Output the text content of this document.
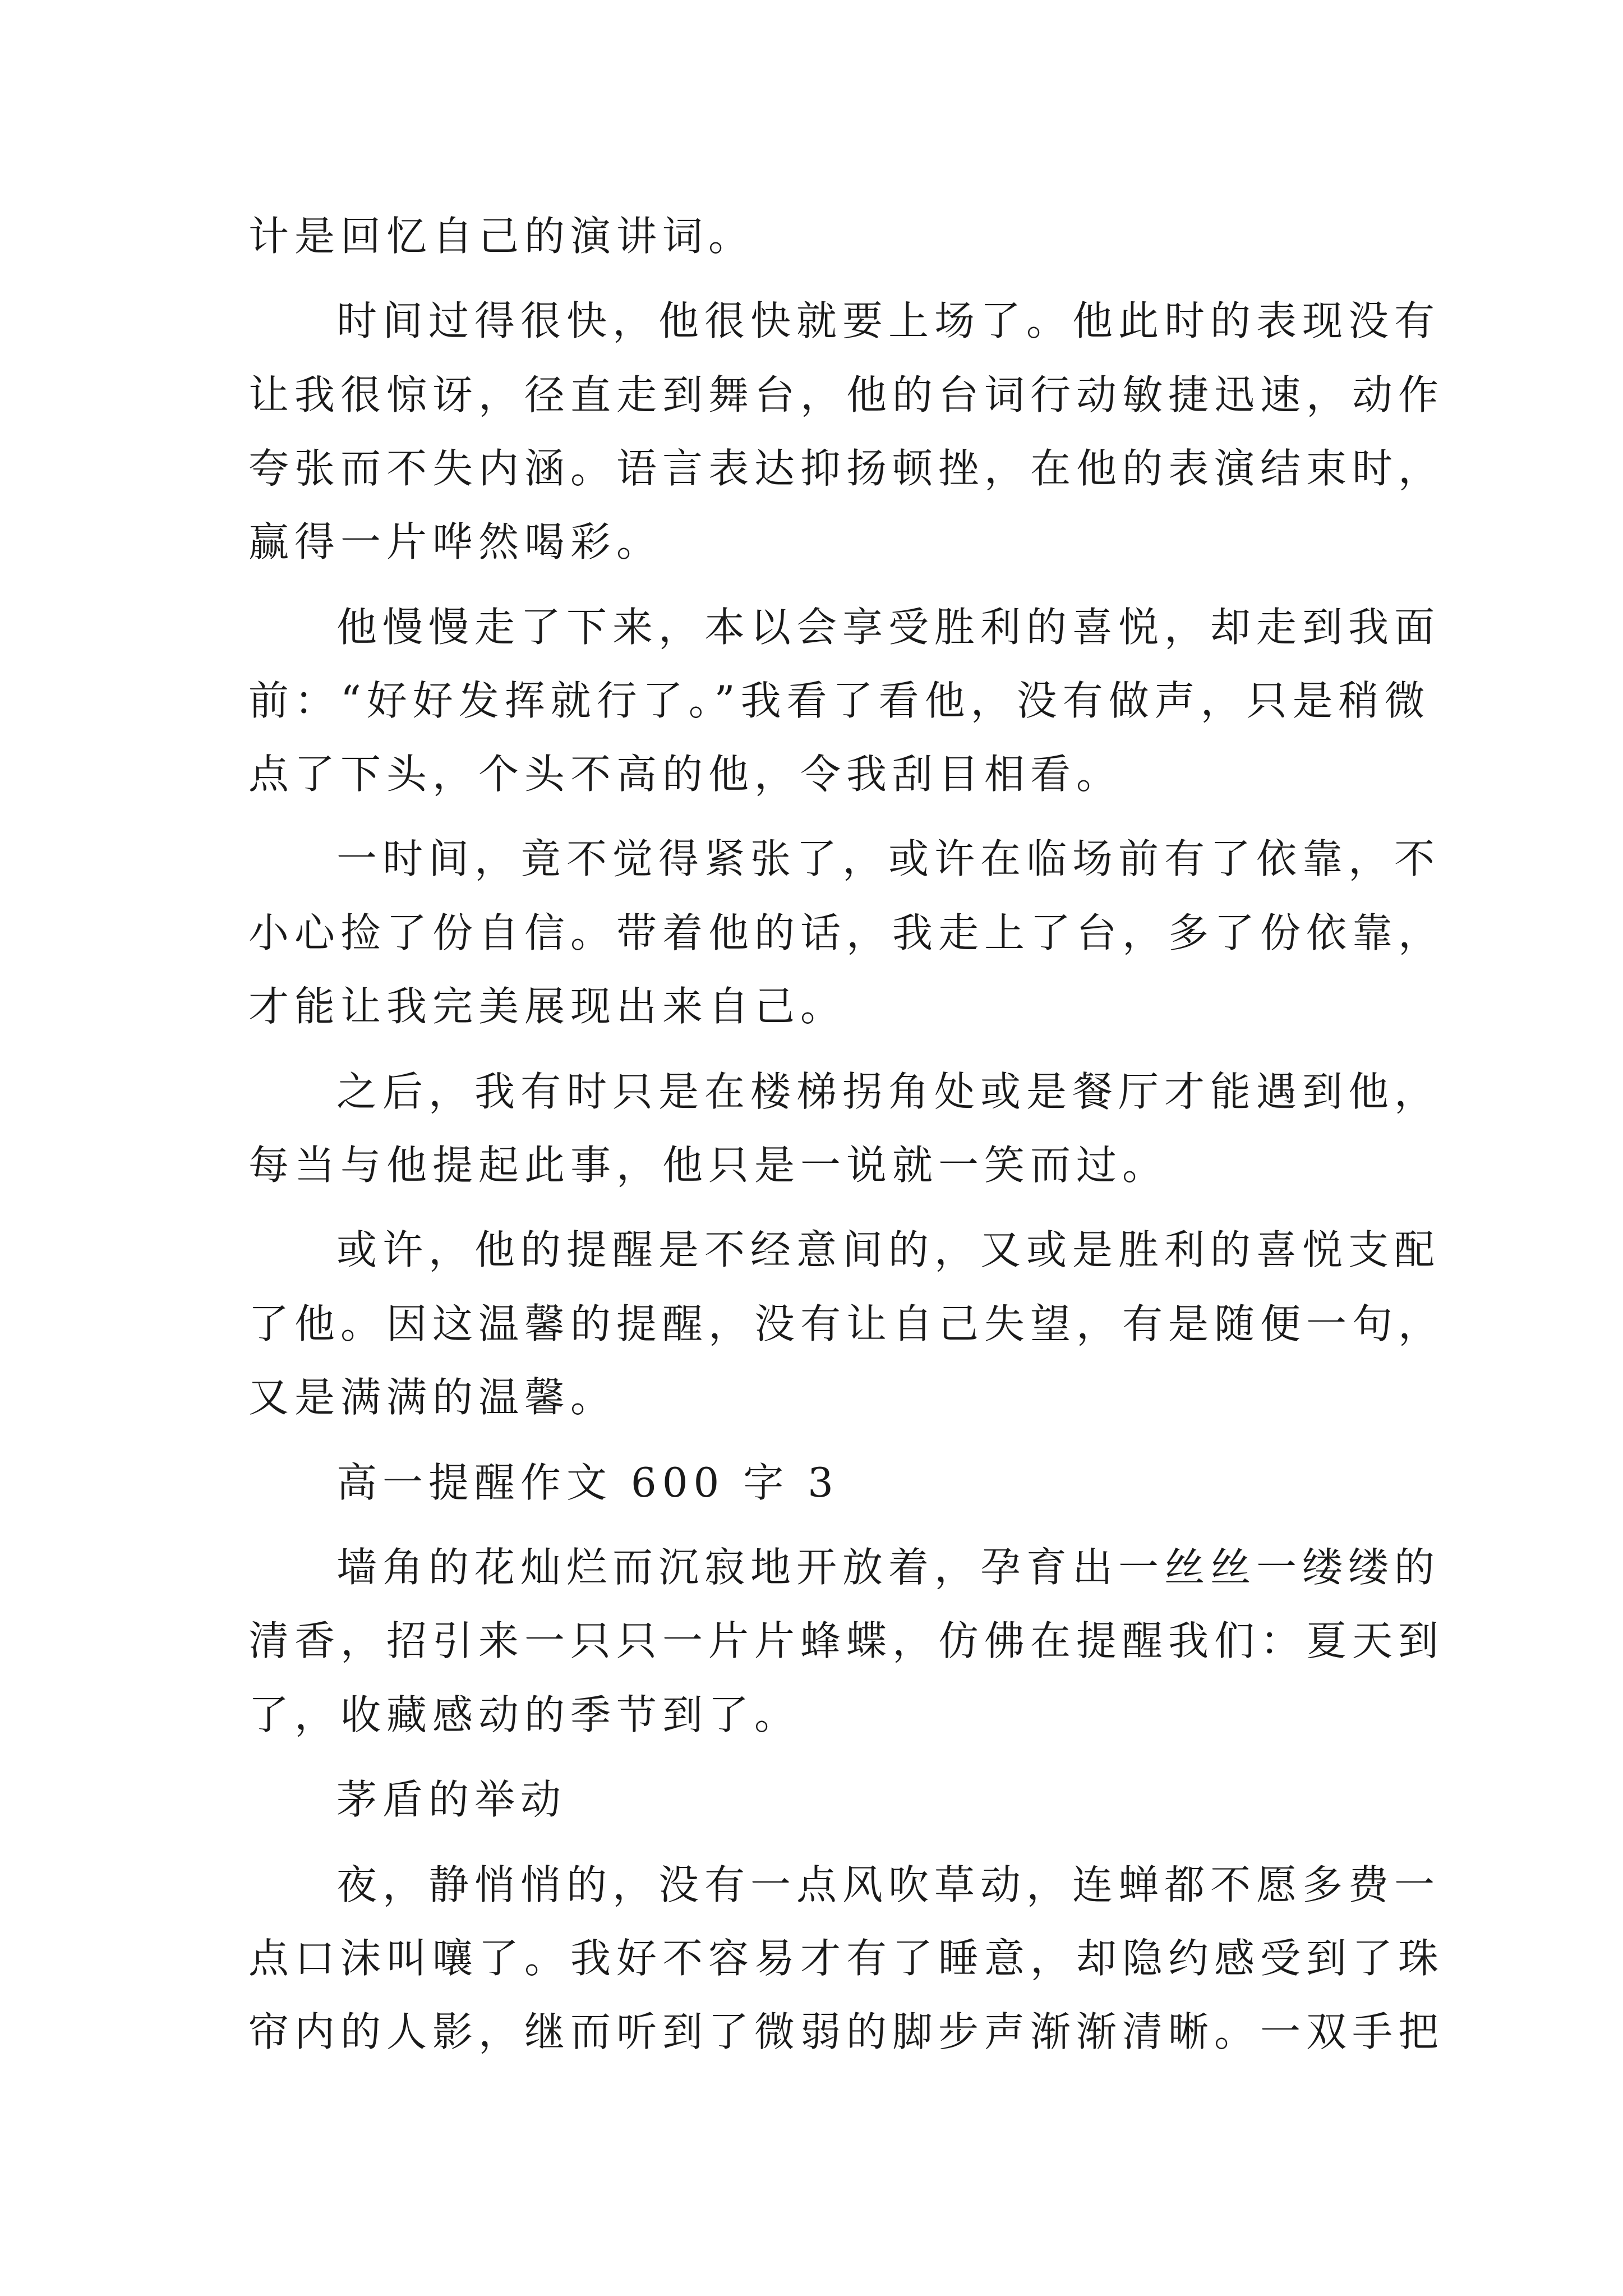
计是回忆自己的演讲词。
时间过得很快，他很快就要上场了。他此时的表现没有
让我很惊讶，径直走到舞台，他的台词行动敏捷迅速，动作
夸张而不失内涵。语言表达抑扬顿挫，在他的表演结束时，
赢得一片哗然喝彩。
他慢慢走了下来，本以会享受胜利的喜悦，却走到我面
前：“好好发挥就行了。”我看了看他，没有做声，只是稍微
点了下头，个头不高的他，令我刮目相看。
一时间，竟不觉得紧张了，或许在临场前有了依靠，不
小心捡了份自信。带着他的话，我走上了台，多了份依靠，
才能让我完美展现出来自己。
之后，我有时只是在楼梯拐角处或是餐厅才能遇到他，
每当与他提起此事，他只是一说就一笑而过。
或许，他的提醒是不经意间的，又或是胜利的喜悦支配
了他。因这温馨的提醒，没有让自己失望，有是随便一句，
又是满满的温馨。
高一提醒作文 600 字 3
墙角的花灿烂而沉寂地开放着，孕育出一丝丝一缕缕的
清香，招引来一只只一片片蜂蝶，仿佛在提醒我们：夏天到
了，收藏感动的季节到了。
茅盾的举动
夜，静悄悄的，没有一点风吹草动，连蝉都不愿多费一
点口沫叫嚷了。我好不容易才有了睡意，却隐约感受到了珠
帘内的人影，继而听到了微弱的脚步声渐渐清晰。一双手把
